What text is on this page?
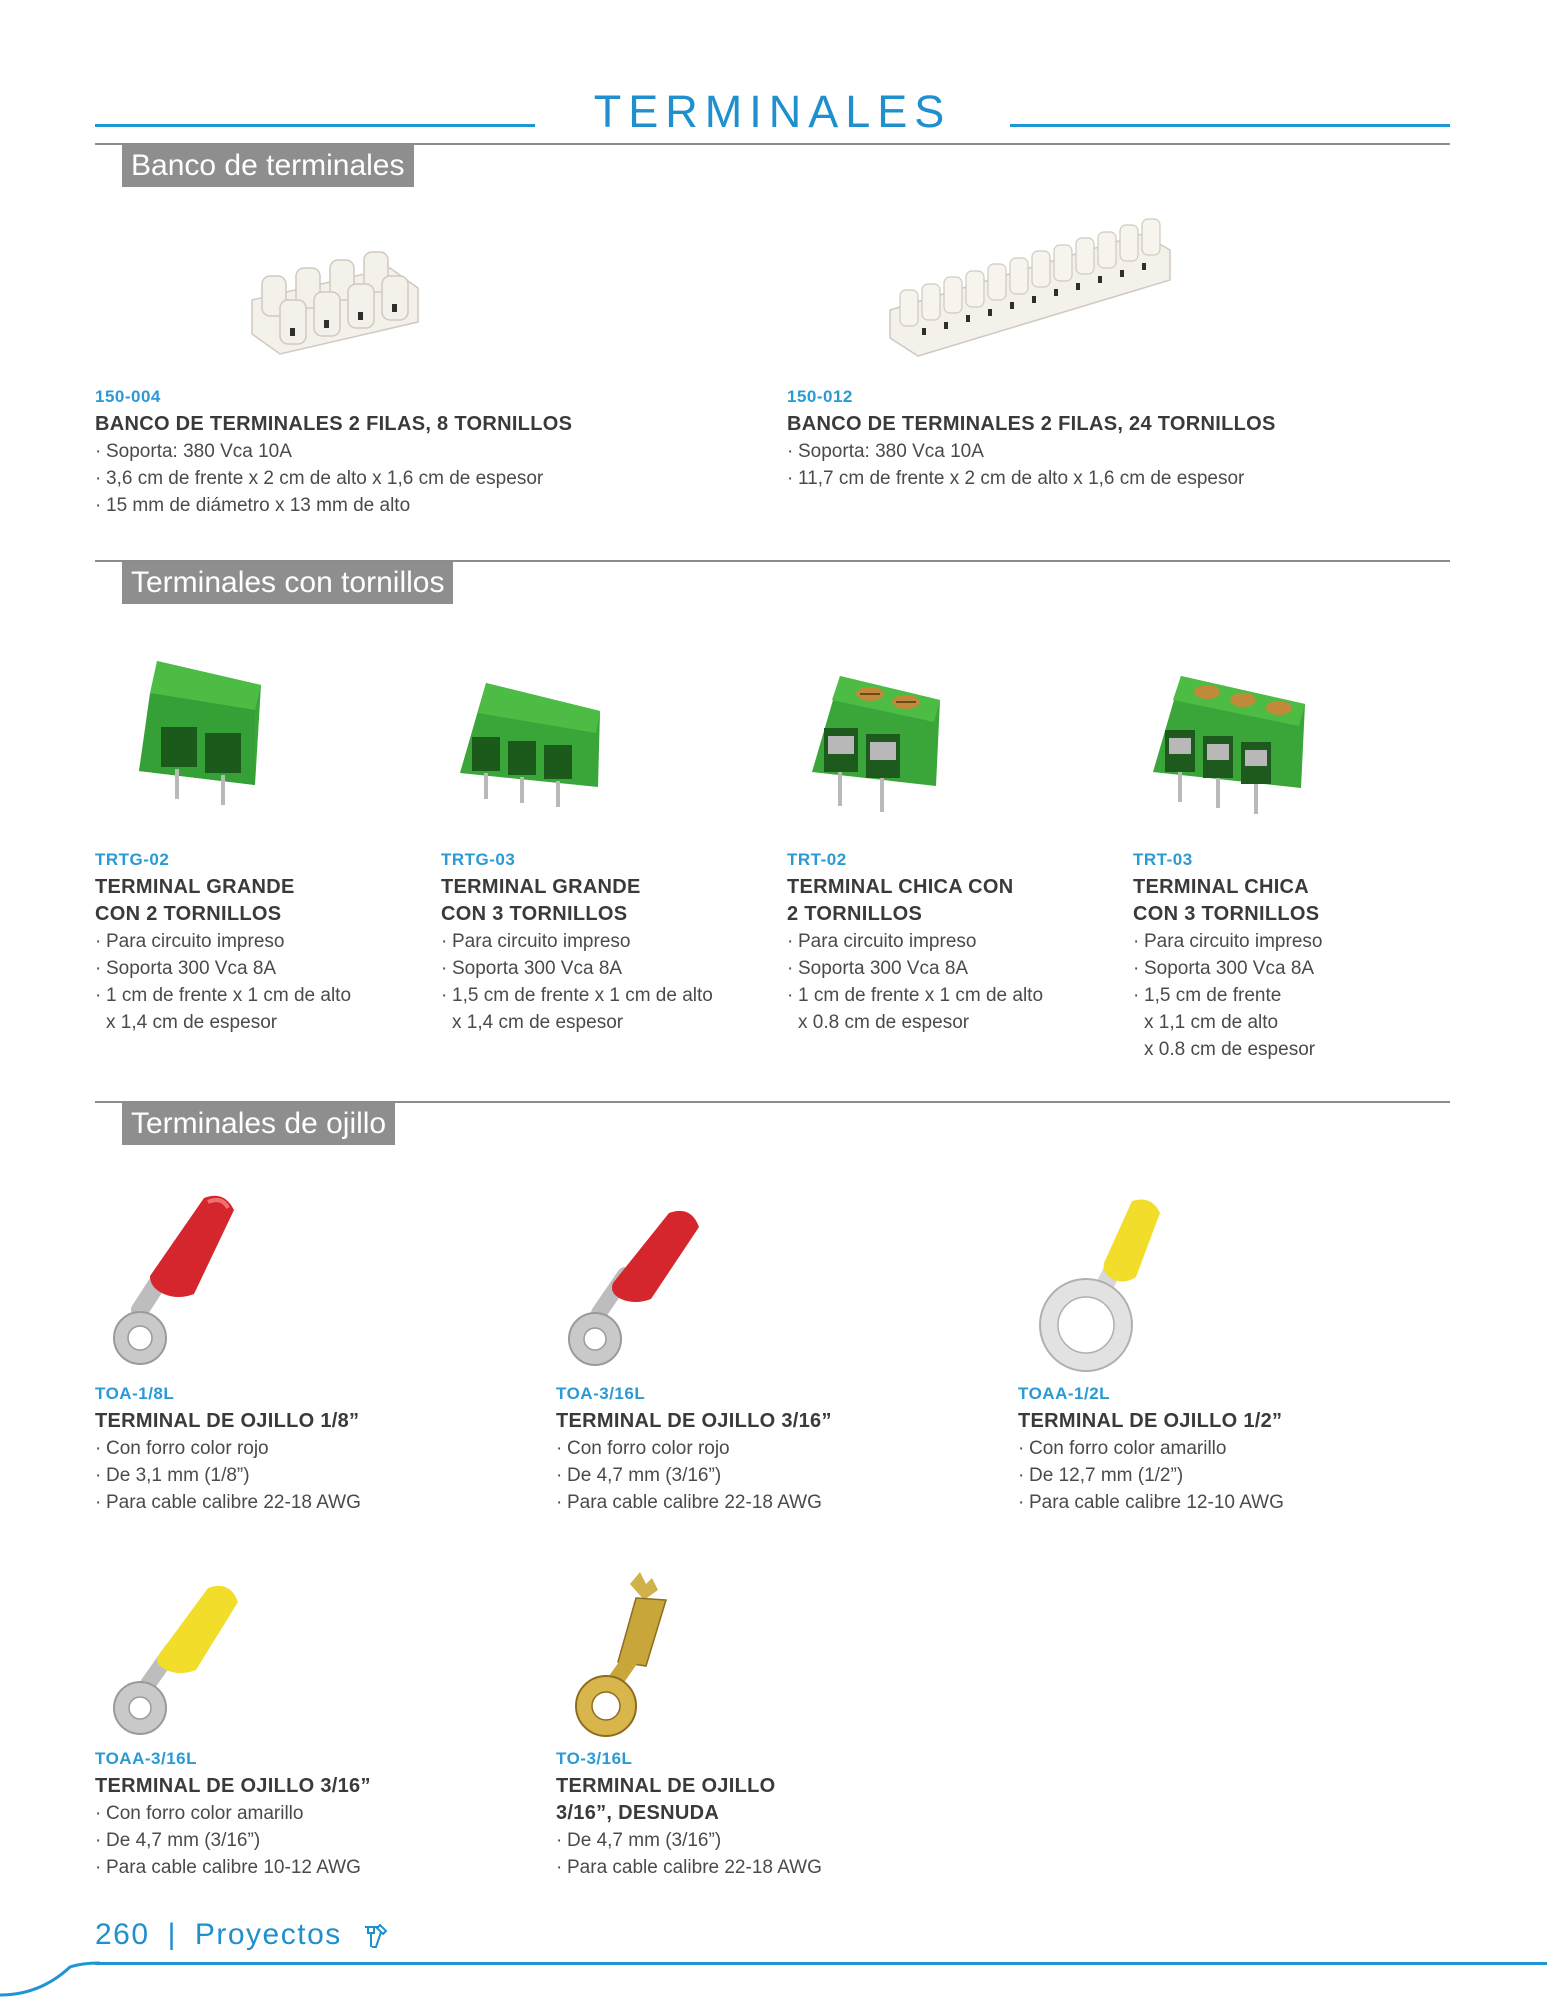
TERMINALES
Banco de terminales
150-004
BANCO DE TERMINALES 2 FILAS, 8 TORNILLOS
· Soporta: 380 Vca 10A
· 3,6 cm de frente x 2 cm de alto x 1,6 cm de espesor
· 15 mm de diámetro x 13 mm de alto
150-012
BANCO DE TERMINALES 2 FILAS, 24 TORNILLOS
· Soporta: 380 Vca 10A
· 11,7 cm de frente x 2 cm de alto x 1,6 cm de espesor
Terminales con tornillos
TRTG-02
TERMINAL GRANDE
CON 2 TORNILLOS
· Para circuito impreso
· Soporta 300 Vca 8A
· 1 cm de frente x 1 cm de alto
x 1,4 cm de espesor
TRTG-03
TERMINAL GRANDE
CON 3 TORNILLOS
· Para circuito impreso
· Soporta 300 Vca 8A
· 1,5 cm de frente x 1 cm de alto
x 1,4 cm de espesor
TRT-02
TERMINAL CHICA CON
2 TORNILLOS
· Para circuito impreso
· Soporta 300 Vca 8A
· 1 cm de frente x 1 cm de alto
x 0.8 cm de espesor
TRT-03
TERMINAL CHICA
CON 3 TORNILLOS
· Para circuito impreso
· Soporta 300 Vca 8A
· 1,5 cm de frente
x 1,1 cm de alto
x 0.8 cm de espesor
Terminales de ojillo
TOA-1/8L
TERMINAL DE OJILLO 1/8”
· Con forro color rojo
· De 3,1 mm (1/8”)
· Para cable calibre 22-18 AWG
TOA-3/16L
TERMINAL DE OJILLO 3/16”
· Con forro color rojo
· De 4,7 mm (3/16”)
· Para cable calibre 22-18 AWG
TOAA-1/2L
TERMINAL DE OJILLO 1/2”
· Con forro color amarillo
· De 12,7 mm (1/2”)
· Para cable calibre 12-10 AWG
TOAA-3/16L
TERMINAL DE OJILLO 3/16”
· Con forro color amarillo
· De 4,7 mm (3/16”)
· Para cable calibre 10-12 AWG
TO-3/16L
TERMINAL DE OJILLO
3/16”, DESNUDA
· De 4,7 mm (3/16”)
· Para cable calibre 22-18 AWG
260 | Proyectos
